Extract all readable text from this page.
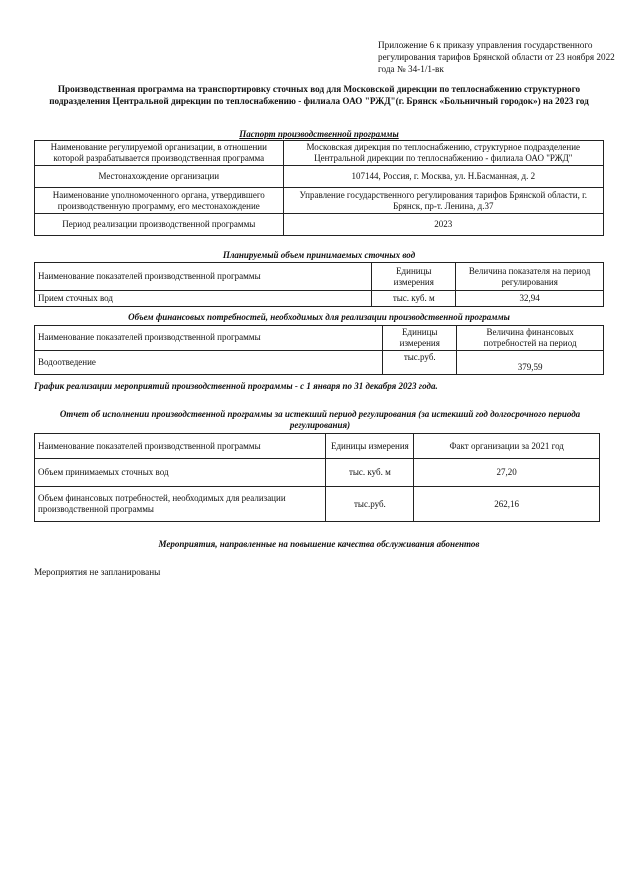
Приложение 6 к приказу управления государственного регулирования тарифов Брянской области от 23 ноября 2022 года № 34-1/1-вк
Производственная программа на транспортировку сточных вод для Московской дирекции по теплоснабжению структурного подразделения Центральной дирекции по теплоснабжению - филиала ОАО "РЖД"(г. Брянск «Больничный городок») на 2023 год
Паспорт производственной программы
Наименование регулируемой организации, в отношении которой разрабатывается производственная программа	Московская дирекция по теплоснабжению, структурное подразделение Центральной дирекции по теплоснабжению - филиала ОАО "РЖД"
Местонахождение организации	107144, Россия, г. Москва, ул. Н.Басманная, д. 2
Наименование уполномоченного органа, утвердившего производственную программу, его местонахождение	Управление государственного регулирования тарифов Брянской области, г. Брянск, пр-т. Ленина, д.37
Период реализации производственной программы	2023
Планируемый объем принимаемых сточных вод
Наименование показателей производственной программы	Единицы измерения	Величина показателя на период регулирования
Прием сточных вод	тыс. куб. м	32,94
Объем финансовых потребностей, необходимых для реализации производственной программы
Наименование показателей производственной программы	Единицы измерения	Величина финансовых потребностей на период
Водоотведение	тыс.руб.	379,59
График реализации мероприятий производственной программы - с 1 января по 31 декабря 2023 года.
Отчет об исполнении производственной программы за истекший период регулирования (за истекший год долгосрочного периода регулирования)
Наименование показателей производственной программы	Единицы измерения	Факт организации за 2021 год
Объем принимаемых сточных вод	тыс. куб. м	27,20
Объем финансовых потребностей, необходимых для реализации производственной программы	тыс.руб.	262,16
Мероприятия, направленные на повышение качества обслуживания абонентов
Мероприятия не запланированы
